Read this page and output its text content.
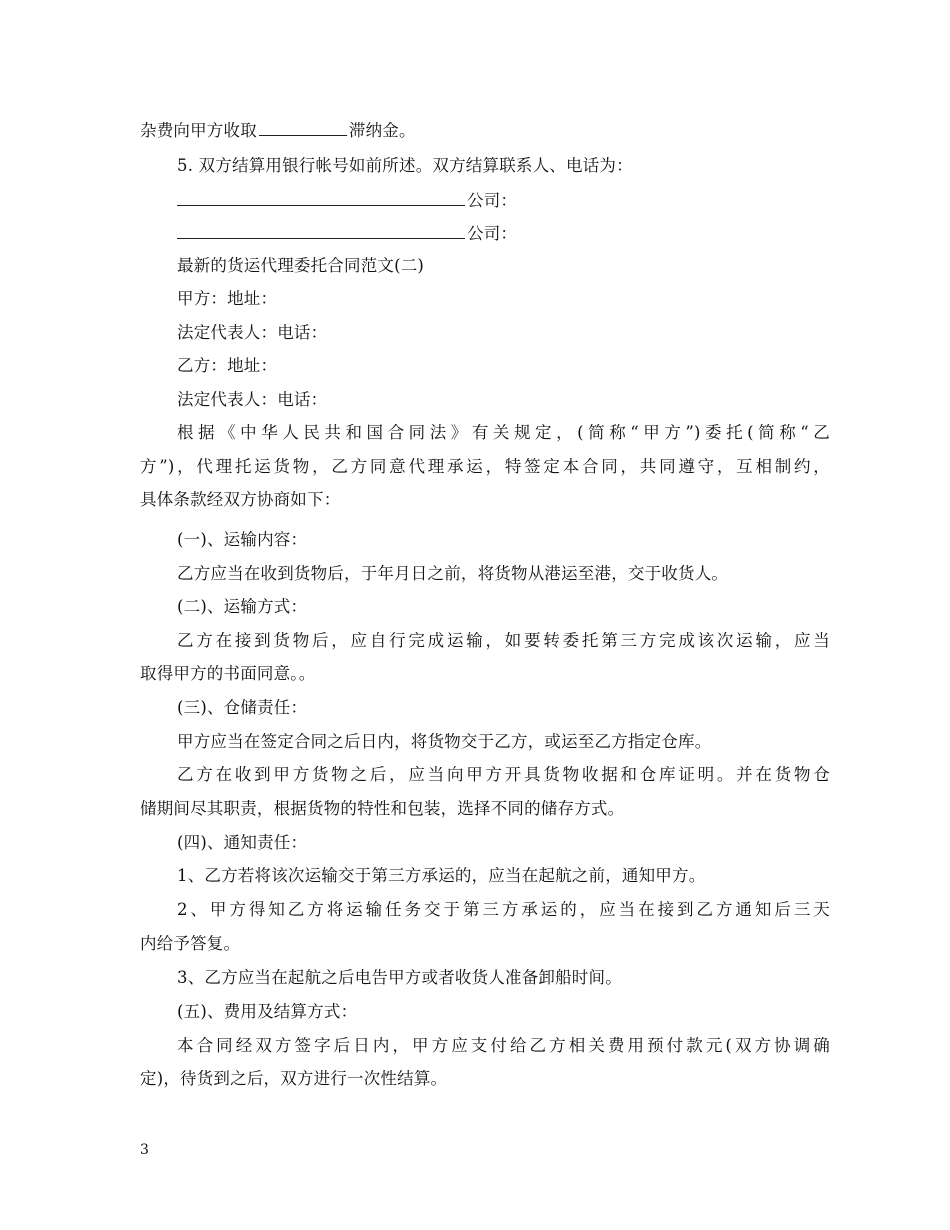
杂费向甲方收取	滞纳金。
5. 双方结算用银行帐号如前所述。双方结算联系人、电话为：
公司：
公司：
最新的货运代理委托合同范文(二)
甲方：地址：
法定代表人：电话：
乙方：地址：
法定代表人：电话：
根据《中华人民共和国合同法》有关规定，(简称“甲方”)委托(简称“乙
方”)，代理托运货物，乙方同意代理承运，特签定本合同，共同遵守，互相制约，
具体条款经双方协商如下：
(一)、运输内容：
乙方应当在收到货物后，于年月日之前，将货物从港运至港，交于收货人。
(二)、运输方式：
乙方在接到货物后，应自行完成运输，如要转委托第三方完成该次运输，应当
取得甲方的书面同意。。
(三)、仓储责任：
甲方应当在签定合同之后日内，将货物交于乙方，或运至乙方指定仓库。
乙方在收到甲方货物之后，应当向甲方开具货物收据和仓库证明。并在货物仓
储期间尽其职责，根据货物的特性和包装，选择不同的储存方式。
(四)、通知责任：
1、乙方若将该次运输交于第三方承运的，应当在起航之前，通知甲方。
2、甲方得知乙方将运输任务交于第三方承运的，应当在接到乙方通知后三天
内给予答复。
3、乙方应当在起航之后电告甲方或者收货人准备卸船时间。
(五)、费用及结算方式：
本合同经双方签字后日内，甲方应支付给乙方相关费用预付款元(双方协调确
定)，待货到之后，双方进行一次性结算。
3
